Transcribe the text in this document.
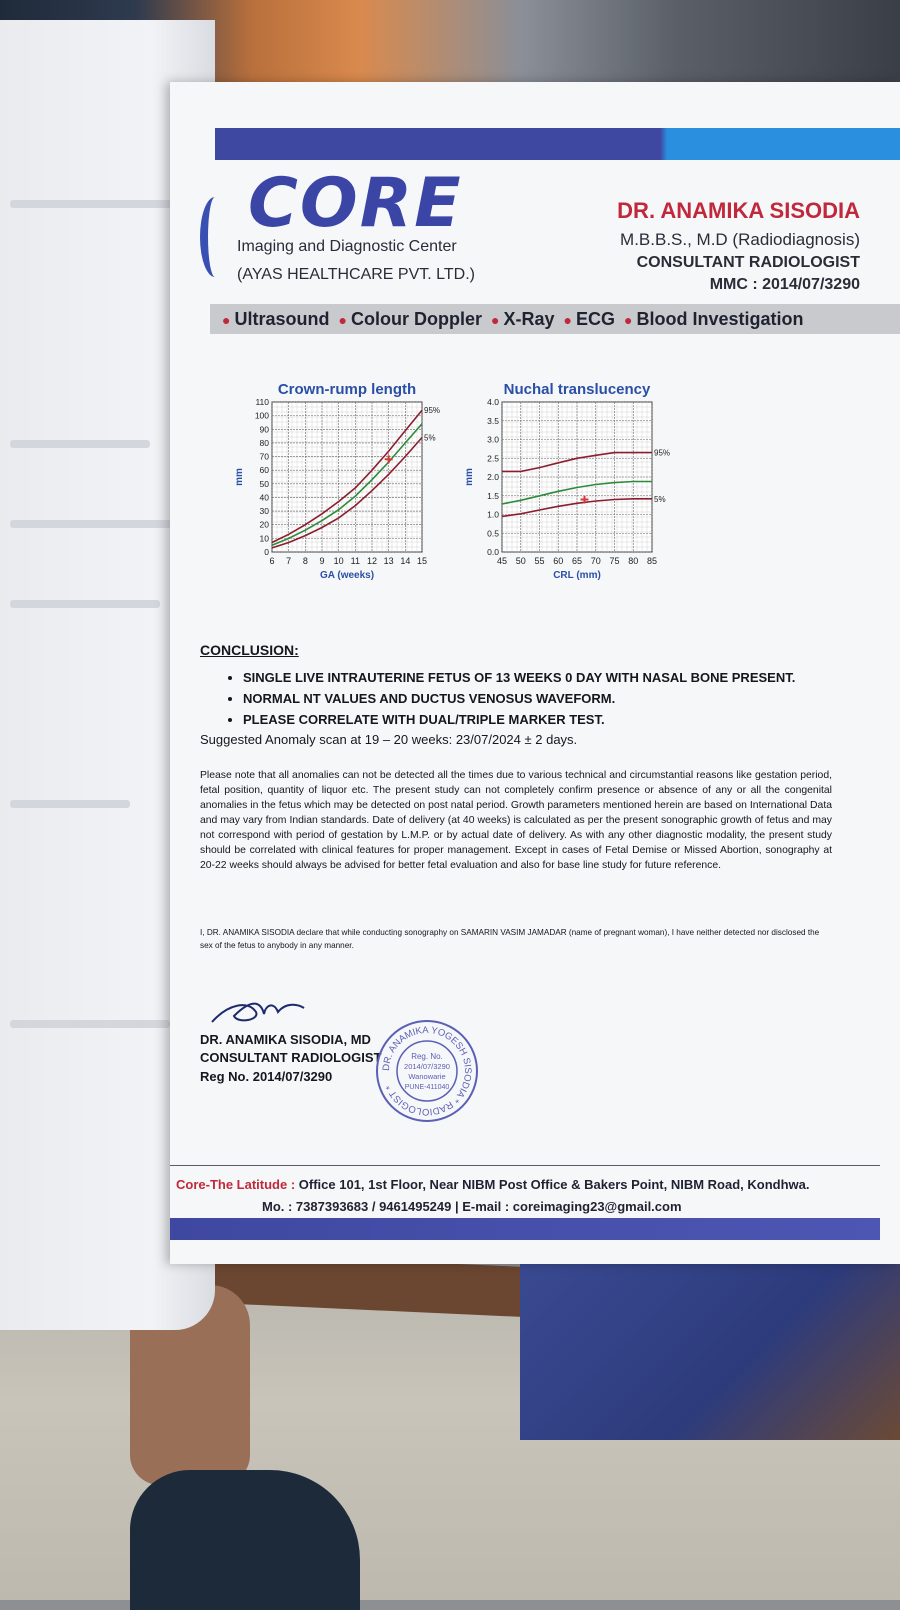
CORE
Imaging and Diagnostic Center
(AYAS HEALTHCARE PVT. LTD.)
DR. ANAMIKA SISODIA
M.B.B.S., M.D (Radiodiagnosis)
CONSULTANT RADIOLOGIST
MMC : 2014/07/3290
● Ultrasound ● Colour Doppler ● X-Ray ● ECG ● Blood Investigation
Crown-rump length
6 7 8 9 10 11 12 13 14 15
0
10
20
30
40
50
60
70
80
90
100
110
GA (weeks)
mm
95%
5%
Nuchal translucency
45 50 55 60 65 70 75 80 85
0.0
0.5
1.0
1.5
2.0
2.5
3.0
3.5
4.0
CRL (mm)
mm
95%
5%
CONCLUSION:
• SINGLE LIVE INTRAUTERINE FETUS OF 13 WEEKS 0 DAY WITH NASAL BONE PRESENT.
• NORMAL NT VALUES AND DUCTUS VENOSUS WAVEFORM.
• PLEASE CORRELATE WITH DUAL/TRIPLE MARKER TEST.
Suggested Anomaly scan at 19 – 20 weeks: 23/07/2024 ± 2 days.

Please note that all anomalies can not be detected all the times due to various technical and circumstantial reasons like gestation period, fetal position, quantity of liquor etc. The present study can not completely confirm presence or absence of any or all the congenital anomalies in the fetus which may be detected on post natal period. Growth parameters mentioned herein are based on International Data and may vary from Indian standards. Date of delivery (at 40 weeks) is calculated as per the present sonographic growth of fetus and may not correspond with period of gestation by L.M.P. or by actual date of delivery. As with any other diagnostic modality, the present study should be correlated with clinical features for proper management. Except in cases of Fetal Demise or Missed Abortion, sonography at 20-22 weeks should always be advised for better fetal evaluation and also for base line study for future reference.

I, DR. ANAMIKA SISODIA declare that while conducting sonography on SAMARIN VASIM JAMADAR (name of pregnant woman), I have neither detected nor disclosed the sex of the fetus to anybody in any manner.

DR. ANAMIKA SISODIA, MD
CONSULTANT RADIOLOGIST
Reg No. 2014/07/3290
DR. ANAMIKA YOGESH SISODIA * RADIOLOGIST *
Reg. No.
2014/07/3290
Wanowarie
PUNE-411040
Core-The Latitude : Office 101, 1st Floor, Near NIBM Post Office & Bakers Point, NIBM Road, Kondhwa.
Mo. : 7387393683 / 9461495249 | E-mail : coreimaging23@gmail.com
